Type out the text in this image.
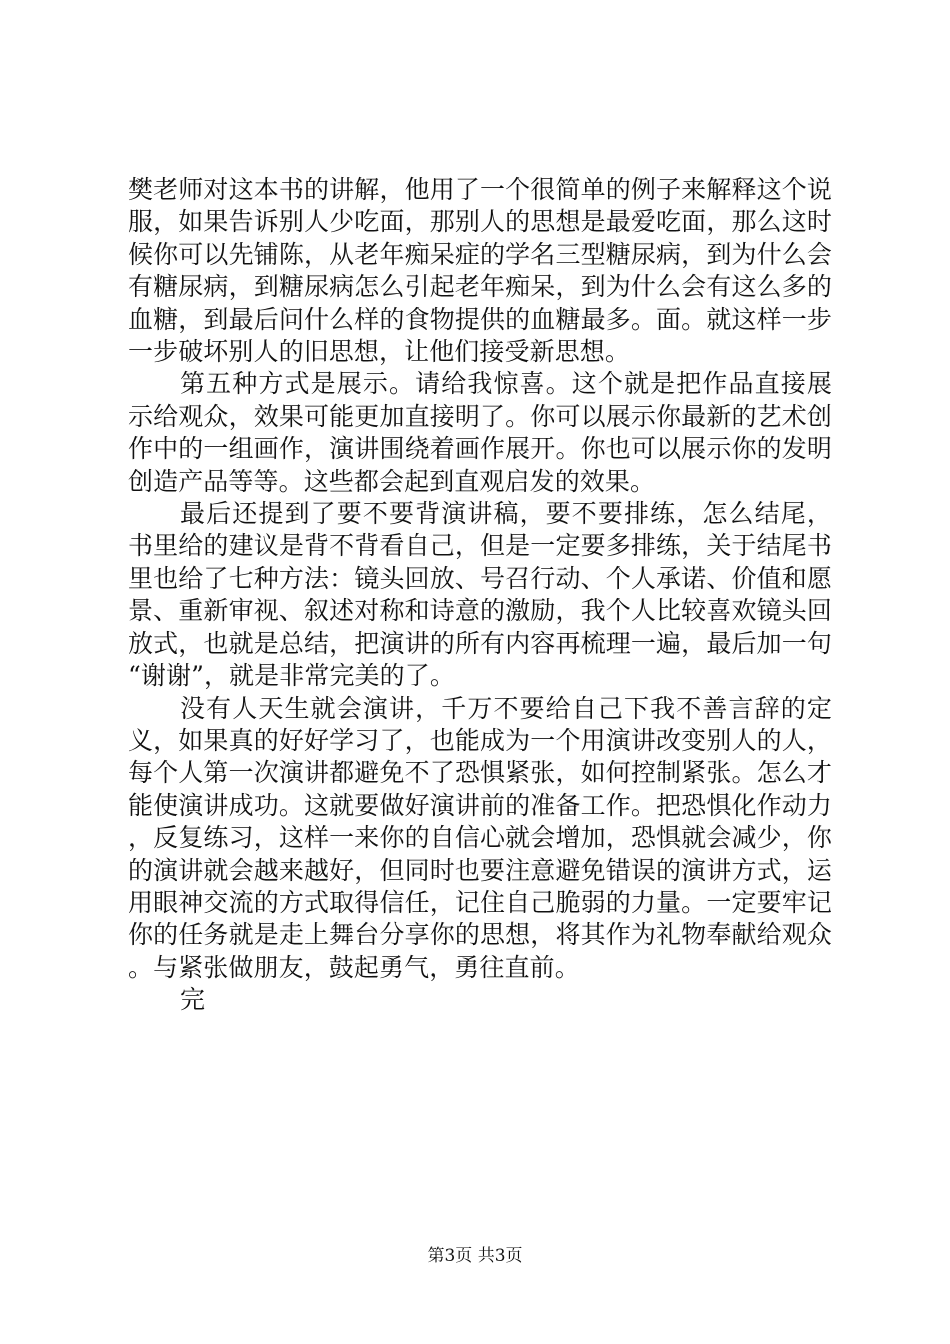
樊老师对这本书的讲解，他用了一个很简单的例子来解释这个说服，如果告诉别人少吃面，那别人的思想是最爱吃面，那么这时候你可以先铺陈，从老年痴呆症的学名三型糖尿病，到为什么会有糖尿病，到糖尿病怎么引起老年痴呆，到为什么会有这么多的血糖，到最后问什么样的食物提供的血糖最多。面。就这样一步一步破坏别人的旧思想，让他们接受新思想。

第五种方式是展示。请给我惊喜。这个就是把作品直接展示给观众，效果可能更加直接明了。你可以展示你最新的艺术创作中的一组画作，演讲围绕着画作展开。你也可以展示你的发明创造产品等等。这些都会起到直观启发的效果。

最后还提到了要不要背演讲稿，要不要排练，怎么结尾，书里给的建议是背不背看自己，但是一定要多排练，关于结尾书里也给了七种方法：镜头回放、号召行动、个人承诺、价值和愿景、重新审视、叙述对称和诗意的激励，我个人比较喜欢镜头回放式，也就是总结，把演讲的所有内容再梳理一遍，最后加一句“谢谢”，就是非常完美的了。

没有人天生就会演讲，千万不要给自己下我不善言辞的定义，如果真的好好学习了，也能成为一个用演讲改变别人的人，每个人第一次演讲都避免不了恐惧紧张，如何控制紧张。怎么才能使演讲成功。这就要做好演讲前的准备工作。把恐惧化作动力，反复练习，这样一来你的自信心就会增加，恐惧就会减少，你的演讲就会越来越好，但同时也要注意避免错误的演讲方式，运用眼神交流的方式取得信任，记住自己脆弱的力量。一定要牢记你的任务就是走上舞台分享你的思想，将其作为礼物奉献给观众。与紧张做朋友，鼓起勇气，勇往直前。

完

第3页 共3页
